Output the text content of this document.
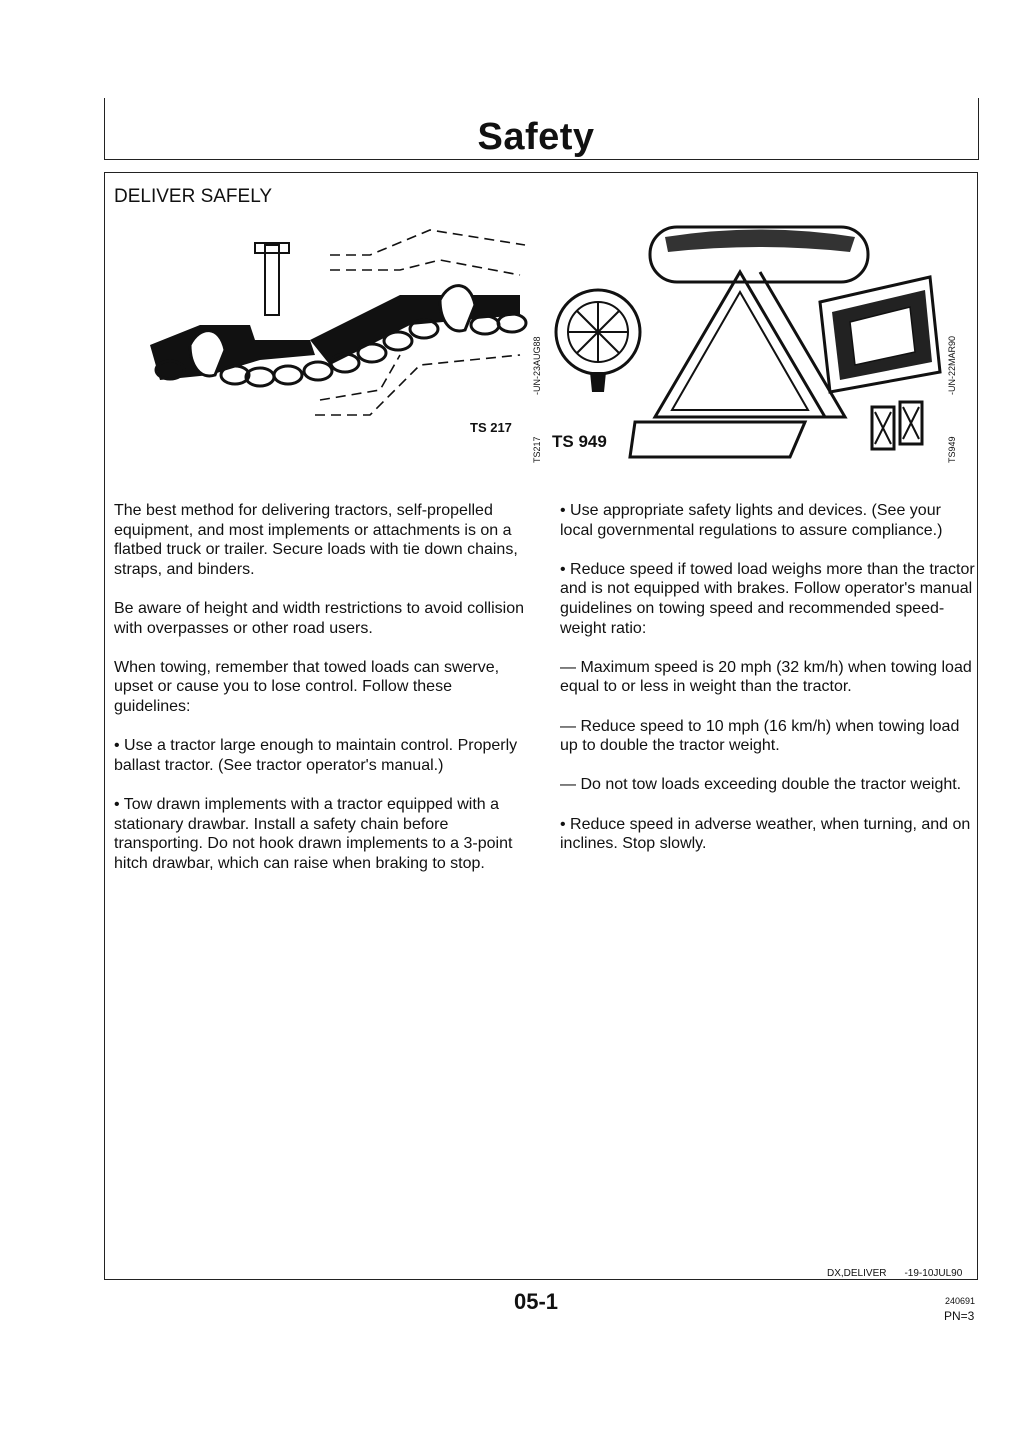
Safety
DELIVER SAFELY
TS 217
-UN-23AUG88
TS217 TS 949
-UN-22MAR90
TS949

The best method for delivering tractors, self-propelled equipment, and most implements or attachments is on a flatbed truck or trailer. Secure loads with tie down chains, straps, and binders.

Be aware of height and width restrictions to avoid collision with overpasses or other road users.

When towing, remember that towed loads can swerve, upset or cause you to lose control. Follow these guidelines:

• Use a tractor large enough to maintain control. Properly ballast tractor. (See tractor operator's manual.)

• Tow drawn implements with a tractor equipped with a stationary drawbar. Install a safety chain before transporting. Do not hook drawn implements to a 3-point hitch drawbar, which can raise when braking to stop.

• Use appropriate safety lights and devices. (See your local governmental regulations to assure compliance.)

• Reduce speed if towed load weighs more than the tractor and is not equipped with brakes. Follow operator's manual guidelines on towing speed and recommended speed-weight ratio:

— Maximum speed is 20 mph (32 km/h) when towing load equal to or less in weight than the tractor.

— Reduce speed to 10 mph (16 km/h) when towing load up to double the tractor weight.

— Do not tow loads exceeding double the tractor weight.

• Reduce speed in adverse weather, when turning, and on inclines. Stop slowly.

DX,DELIVER -19-10JUL90
05-1	240691
PN=3
